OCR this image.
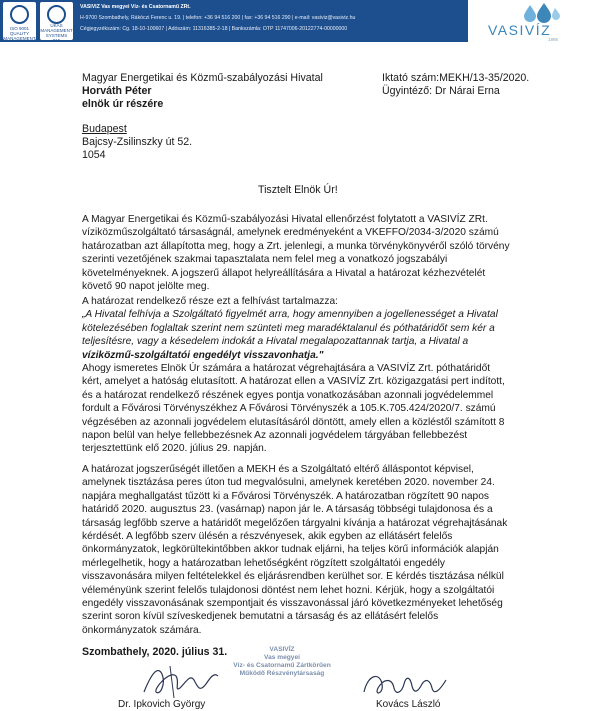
ISO 9001
QUALITY
MANAGEMENT
UKAS
MANAGEMENT
SYSTEMS
015
VASIVÍZ Vas megyei Víz- és Csatornamű ZRt.
H-9700 Szombathely, Rákóczi Ferenc u. 19. | telefon: +36 94 516 200 | fax: +36 94 516 290 | e-mail: vasiviz@vasiviz.hu
Cégjegyzékszám: Cg. 18-10-100607 | Adószám: 11316385-2-18 | Bankszámla: OTP 11747006-20122774-00000000	VASIVÍZ
1995
Magyar Energetikai és Közmű-szabályozási Hivatal
Horváth Péter
elnök úr részére
Budapest
Bajcsy-Zsilinszky út 52.
1054
Iktató szám:MEKH/13-35/2020.
Ügyintéző: Dr Nárai Erna
Tisztelt Elnök Úr!
A Magyar Energetikai és Közmű-szabályozási Hivatal ellenőrzést folytatott a VASIVÍZ ZRt.
víziközműszolgáltató társaságnál, amelynek eredményeként a VKEFFO/2034-3/2020 számú
határozatban azt állapította meg, hogy a Zrt. jelenlegi, a munka törvénykönyvéről szóló törvény
szerinti vezetőjének szakmai tapasztalata nem felel meg a vonatkozó jogszabályi
követelményeknek. A jogszerű állapot helyreállítására a Hivatal a határozat kézhezvételét
követő 90 napot jelölte meg.
A határozat rendelkező része ezt a felhívást tartalmazza:
„A Hivatal felhívja a Szolgáltató figyelmét arra, hogy amennyiben a jogellenességet a Hivatal
kötelezésében foglaltak szerint nem szünteti meg maradéktalanul és póthatáridőt sem kér a
teljesítésre, vagy a késedelem indokát a Hivatal megalapozattannak tartja, a Hivatal a
víziközmű-szolgáltatói engedélyt visszavonhatja."
Ahogy ismeretes Elnök Úr számára a határozat végrehajtására a VASIVÍZ Zrt. póthatáridőt
kért, amelyet a hatóság elutasított. A határozat ellen a VASIVÍZ Zrt. közigazgatási pert indított,
és a határozat rendelkező részének egyes pontja vonatkozásában azonnali jogvédelemmel
fordult a Fővárosi Törvényszékhez A Fővárosi Törvényszék a 105.K.705.424/2020/7. számú
végzésében az azonnali jogvédelem elutasításáról döntött, amely ellen a közléstől számított 8
napon belül van helye fellebbezésnek Az azonnali jogvédelem tárgyában fellebbezést
terjesztettünk elő 2020. július 29. napján.
A határozat jogszerűségét illetően a MEKH és a Szolgáltató eltérő álláspontot képvisel,
amelynek tisztázása peres úton tud megvalósulni, amelynek keretében 2020. november 24.
napjára meghallgatást tűzött ki a Fővárosi Törvényszék. A határozatban rögzített 90 napos
határidő 2020. augusztus 23. (vasárnap) napon jár le. A társaság többségi tulajdonosa és a
társaság legfőbb szerve a határidőt megelőzően tárgyalni kívánja a határozat végrehajtásának
kérdését. A legfőbb szerv ülésén a részvényesek, akik egyben az ellátásért felelős
önkormányzatok, legkörültekintőbben akkor tudnak eljárni, ha teljes körű információk alapján
mérlegelhetik, hogy a határozatban lehetőségként rögzített szolgáltatói engedély
visszavonására milyen feltételekkel és eljárásrendben kerülhet sor. E kérdés tisztázása nélkül
véleményünk szerint felelős tulajdonosi döntést nem lehet hozni. Kérjük, hogy a szolgáltatói
engedély visszavonásának szempontjait és visszavonással járó következményeket lehetőség
szerint soron kívül szíveskedjenek bemutatni a társaság és az ellátásért felelős
önkormányzatok számára.
Szombathely, 2020. július 31.	VASIVÍZ
Vas megyei
Víz- és Csatornamű Zártkörűen
Működő Részvénytársaság
Dr. Ipkovich György	Kovács László
